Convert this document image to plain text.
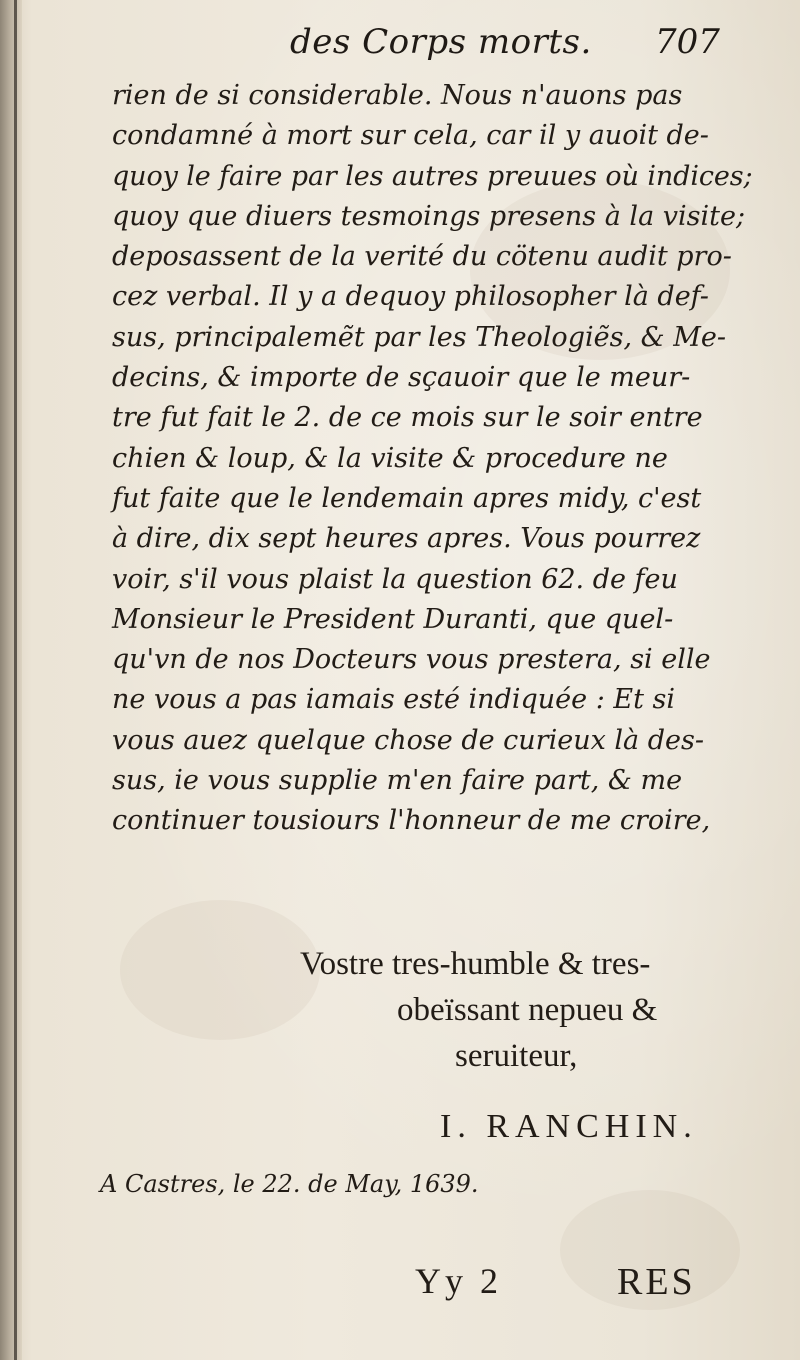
des Corps morts. 707
rien de si considerable. Nous n'auons pas
condamné à mort sur cela, car il y auoit de-
quoy le faire par les autres preuues où indices;
quoy que diuers tesmoings presens à la visite;
deposassent de la verité du cötenu audit pro-
cez verbal. Il y a dequoy philosopher là def-
sus, principalemẽt par les Theologiẽs, & Me-
decins, & importe de sçauoir que le meur-
tre fut fait le 2. de ce mois sur le soir entre
chien & loup, & la visite & procedure ne
fut faite que le lendemain apres midy, c'est
à dire, dix sept heures apres. Vous pourrez
voir, s'il vous plaist la question 62. de feu
Monsieur le President Duranti, que quel-
qu'vn de nos Docteurs vous prestera, si elle
ne vous a pas iamais esté indiquée : Et si
vous auez quelque chose de curieux là des-
sus, ie vous supplie m'en faire part, & me
continuer tousiours l'honneur de me croire,
Vostre tres-humble & tres-
obeïssant nepueu &
seruiteur,
I. RANCHIN.
A Castres, le 22. de May, 1639.
Yy 2	RES
